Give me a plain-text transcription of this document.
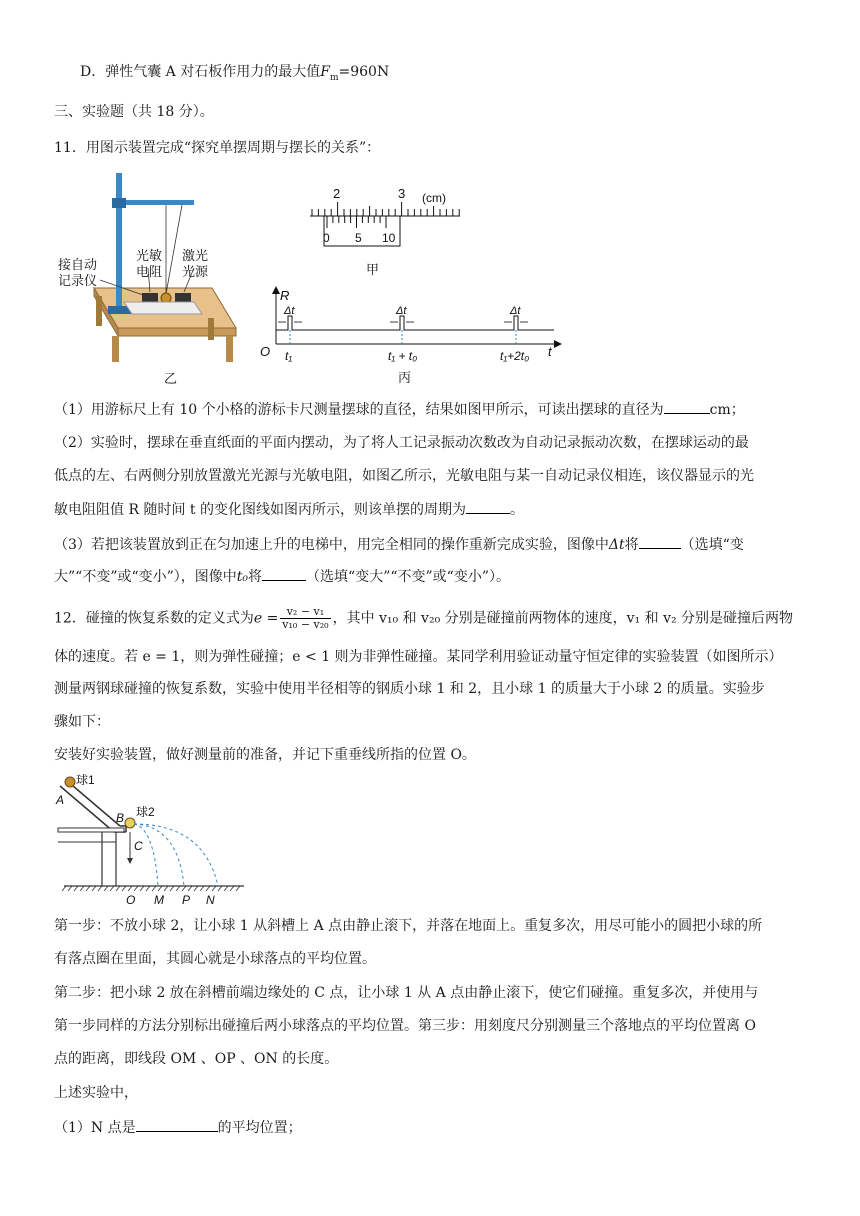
D．弹性气囊 A 对石板作用力的最大值$F_m=960N$
三、实验题（共 18 分）。
11．用图示装置完成“探究单摆周期与摆长的关系”：
接自动
记录仪
光敏
电阻
激光
光源
乙
2	3 (cm)
0 5 10
甲
R
O	t
Δt	Δt	Δt
t₁	t₁ + t₀	t₁+2t₀
丙
（1）用游标尺上有 10 个小格的游标卡尺测量摆球的直径，结果如图甲所示，可读出摆球的直径为	cm；
（2）实验时，摆球在垂直纸面的平面内摆动，为了将人工记录振动次数改为自动记录振动次数，在摆球运动的最
低点的左、右两侧分别放置激光光源与光敏电阻，如图乙所示，光敏电阻与某一自动记录仪相连，该仪器显示的光
敏电阻阻值 R 随时间 t 的变化图线如图丙所示，则该单摆的周期为	。
（3）若把该装置放到正在匀加速上升的电梯中，用完全相同的操作重新完成实验，图像中Δt将	（选填“变
大”“不变”或“变小”），图像中t₀将	（选填“变大”“不变”或“变小”）。
12．碰撞的恢复系数的定义式为$e = \frac{\text{v₂ − v₁}}{\text{v₁₀ − v₂₀}}$ ，其中 v₁₀ 和 v₂₀ 分别是碰撞前两物体的速度，v₁ 和 v₂ 分别是碰撞后两物
体的速度。若 e = 1，则为弹性碰撞；e < 1 则为非弹性碰撞。某同学利用验证动量守恒定律的实验装置（如图所示）
测量两钢球碰撞的恢复系数，实验中使用半径相等的钢质小球 1 和 2，且小球 1 的质量大于小球 2 的质量。实验步
骤如下：
安装好实验装置，做好测量前的准备，并记下重垂线所指的位置 O。
球1
A
B 球2
C
O M P N
第一步：不放小球 2，让小球 1 从斜槽上 A 点由静止滚下，并落在地面上。重复多次，用尽可能小的圆把小球的所
有落点圈在里面，其圆心就是小球落点的平均位置。
第二步：把小球 2 放在斜槽前端边缘处的 C 点，让小球 1 从 A 点由静止滚下，使它们碰撞。重复多次，并使用与
第一步同样的方法分别标出碰撞后两小球落点的平均位置。第三步：用刻度尺分别测量三个落地点的平均位置离 O
点的距离，即线段 OM 、OP 、ON 的长度。
上述实验中，
（1）N 点是	的平均位置；
